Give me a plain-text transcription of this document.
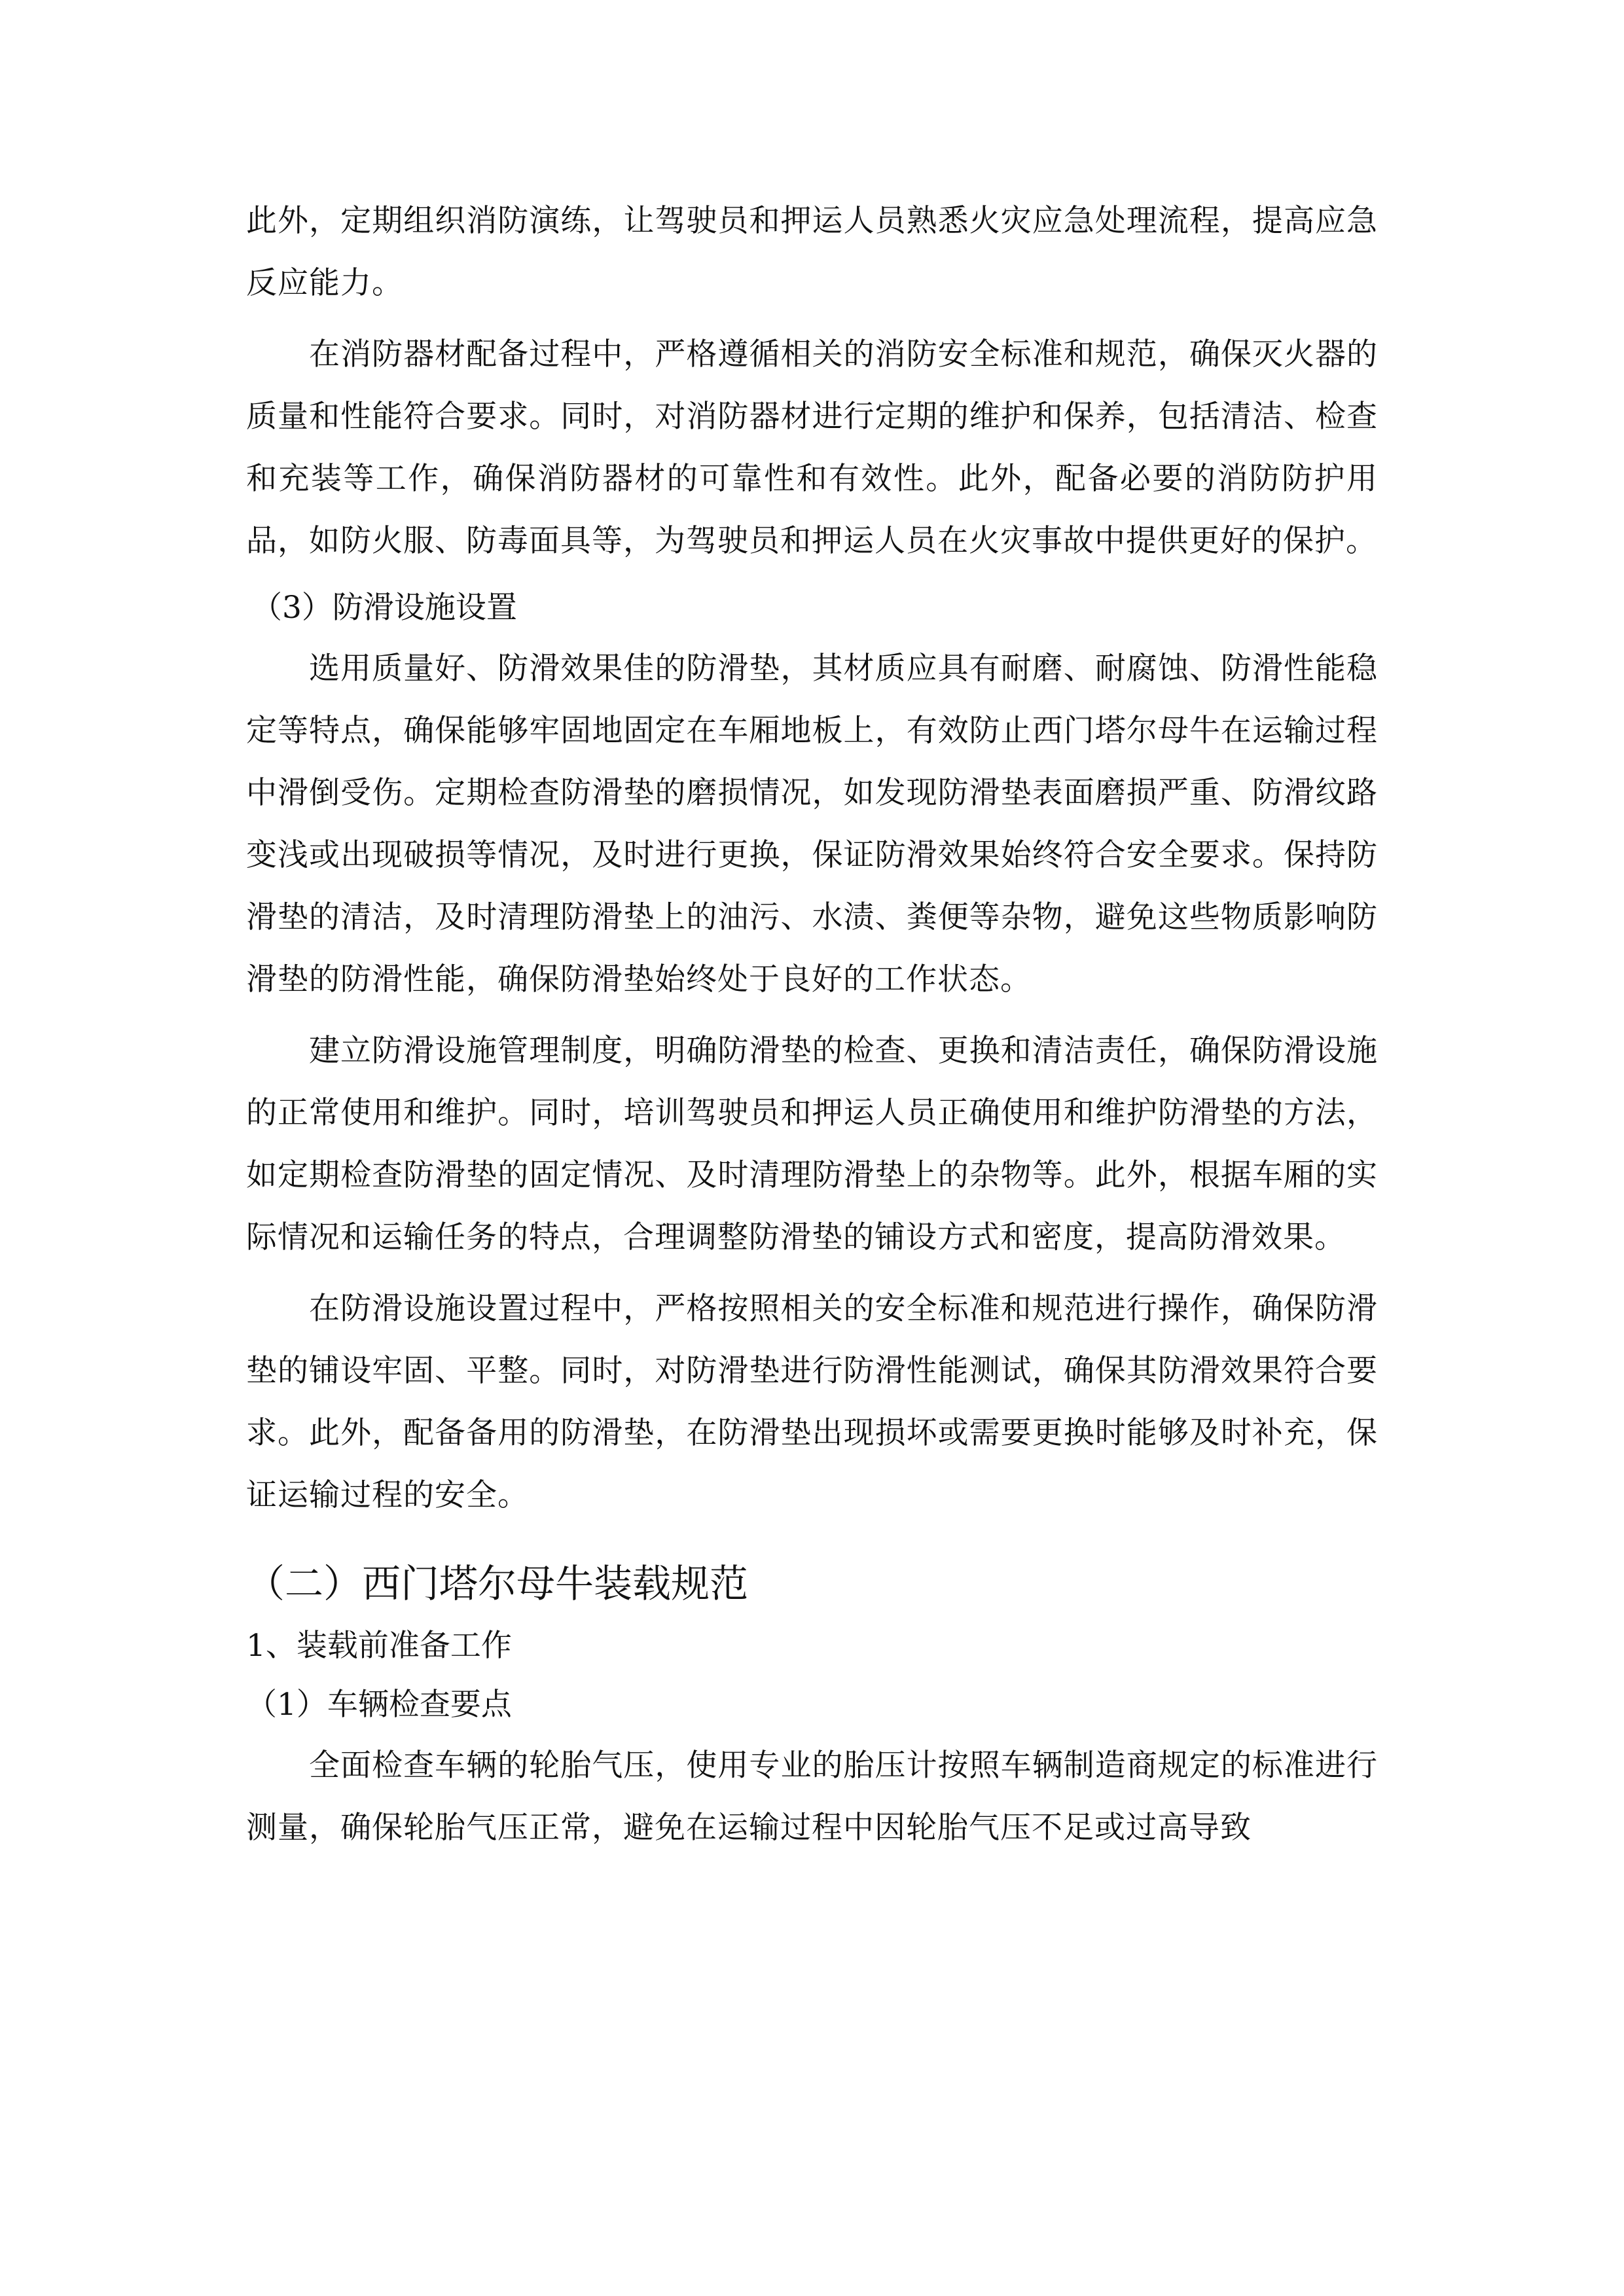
此外，定期组织消防演练，让驾驶员和押运人员熟悉火灾应急处理流程，提高应急反应能力。

在消防器材配备过程中，严格遵循相关的消防安全标准和规范，确保灭火器的质量和性能符合要求。同时，对消防器材进行定期的维护和保养，包括清洁、检查和充装等工作，确保消防器材的可靠性和有效性。此外，配备必要的消防防护用品，如防火服、防毒面具等，为驾驶员和押运人员在火灾事故中提供更好的保护。

（3）防滑设施设置

选用质量好、防滑效果佳的防滑垫，其材质应具有耐磨、耐腐蚀、防滑性能稳定等特点，确保能够牢固地固定在车厢地板上，有效防止西门塔尔母牛在运输过程中滑倒受伤。定期检查防滑垫的磨损情况，如发现防滑垫表面磨损严重、防滑纹路变浅或出现破损等情况，及时进行更换，保证防滑效果始终符合安全要求。保持防滑垫的清洁，及时清理防滑垫上的油污、水渍、粪便等杂物，避免这些物质影响防滑垫的防滑性能，确保防滑垫始终处于良好的工作状态。

建立防滑设施管理制度，明确防滑垫的检查、更换和清洁责任，确保防滑设施的正常使用和维护。同时，培训驾驶员和押运人员正确使用和维护防滑垫的方法，如定期检查防滑垫的固定情况、及时清理防滑垫上的杂物等。此外，根据车厢的实际情况和运输任务的特点，合理调整防滑垫的铺设方式和密度，提高防滑效果。

在防滑设施设置过程中，严格按照相关的安全标准和规范进行操作，确保防滑垫的铺设牢固、平整。同时，对防滑垫进行防滑性能测试，确保其防滑效果符合要求。此外，配备备用的防滑垫，在防滑垫出现损坏或需要更换时能够及时补充，保证运输过程的安全。

（二）西门塔尔母牛装载规范
1、装载前准备工作
（1）车辆检查要点

全面检查车辆的轮胎气压，使用专业的胎压计按照车辆制造商规定的标准进行测量，确保轮胎气压正常，避免在运输过程中因轮胎气压不足或过高导致
